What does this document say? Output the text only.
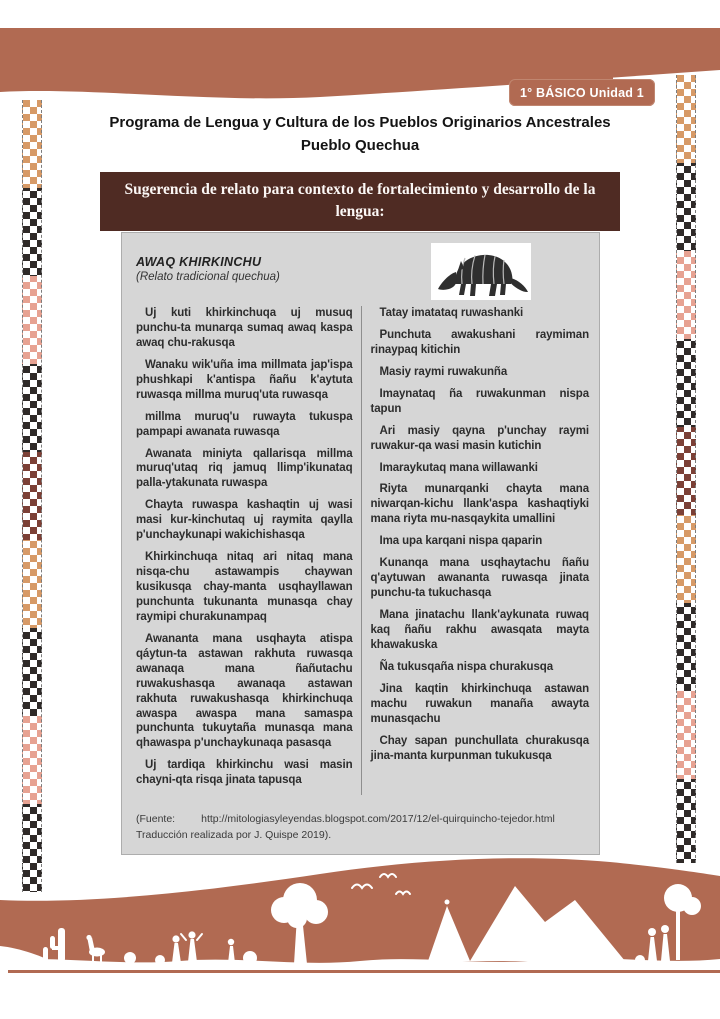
1° BÁSICO Unidad 1
Programa de Lengua y Cultura de los Pueblos Originarios Ancestrales
Pueblo Quechua
Sugerencia de relato para contexto de fortalecimiento y desarrollo de la lengua:
AWAQ KHIRKINCHU
(Relato tradicional quechua)

Uj kuti khirkinchuqa uj musuq punchu-ta munarqa sumaq awaq kaspa awaq chu-rakusqa

Wanaku wik'uña ima millmata jap'ispa phushkapi k'antispa ñañu k'aytuta ruwasqa millma muruq'uta ruwasqa

millma muruq'u ruwayta tukuspa pampapi awanata ruwasqa

Awanata miniyta qallarisqa millma muruq'utaq riq jamuq llimp'ikunataq palla-ytakunata ruwaspa

Chayta ruwaspa kashaqtin uj wasi masi kur-kinchutaq uj raymita qaylla p'unchaykunapi wakichishasqa

Khirkinchuqa nitaq ari nitaq mana nisqa-chu astawampis chaywan kusikusqa chay-manta usqhayllawan punchunta tukunanta munasqa chay raymipi churakunampaq

Awananta mana usqhayta atispa qáytun-ta astawan rakhuta ruwasqa awanaqa mana ñañutachu ruwakushasqa awanaqa astawan rakhuta ruwakushasqa khirkinchuqa awaspa awaspa mana samaspa punchunta tukuytaña munasqa mana qhawaspa p'unchaykunaqa pasasqa

Uj tardiqa khirkinchu wasi masin chayni-qta risqa jinata tapusqa

Tatay imatataq ruwashanki

Punchuta awakushani raymiman rinaypaq kitichin

Masiy raymi ruwakunña

Imaynataq ña ruwakunman nispa tapun

Ari masiy qayna p'unchay raymi ruwakur-qa wasi masin kutichin

Imaraykutaq mana willawanki

Riyta munarqanki chayta mana niwarqan-kichu llank'aspa kashaqtiyki mana riyta mu-nasqaykita umallini

Ima upa karqani nispa qaparin

Kunanqa mana usqhaytachu ñañu q'aytuwan awananta ruwasqa jinata punchu-ta tukuchasqa

Mana jinatachu llank'aykunata ruwaq kaq ñañu rakhu awasqata mayta khawakuska

Ña tukusqaña nispa churakusqa

Jina kaqtin khirkinchuqa astawan machu ruwakun manaña awayta munasqachu

Chay sapan punchullata churakusqa jina-manta kurpunman tukukusqa

(Fuente: http://mitologiasyleyendas.blogspot.com/2017/12/el-quirquincho-tejedor.html
Traducción realizada por J. Quispe 2019).
